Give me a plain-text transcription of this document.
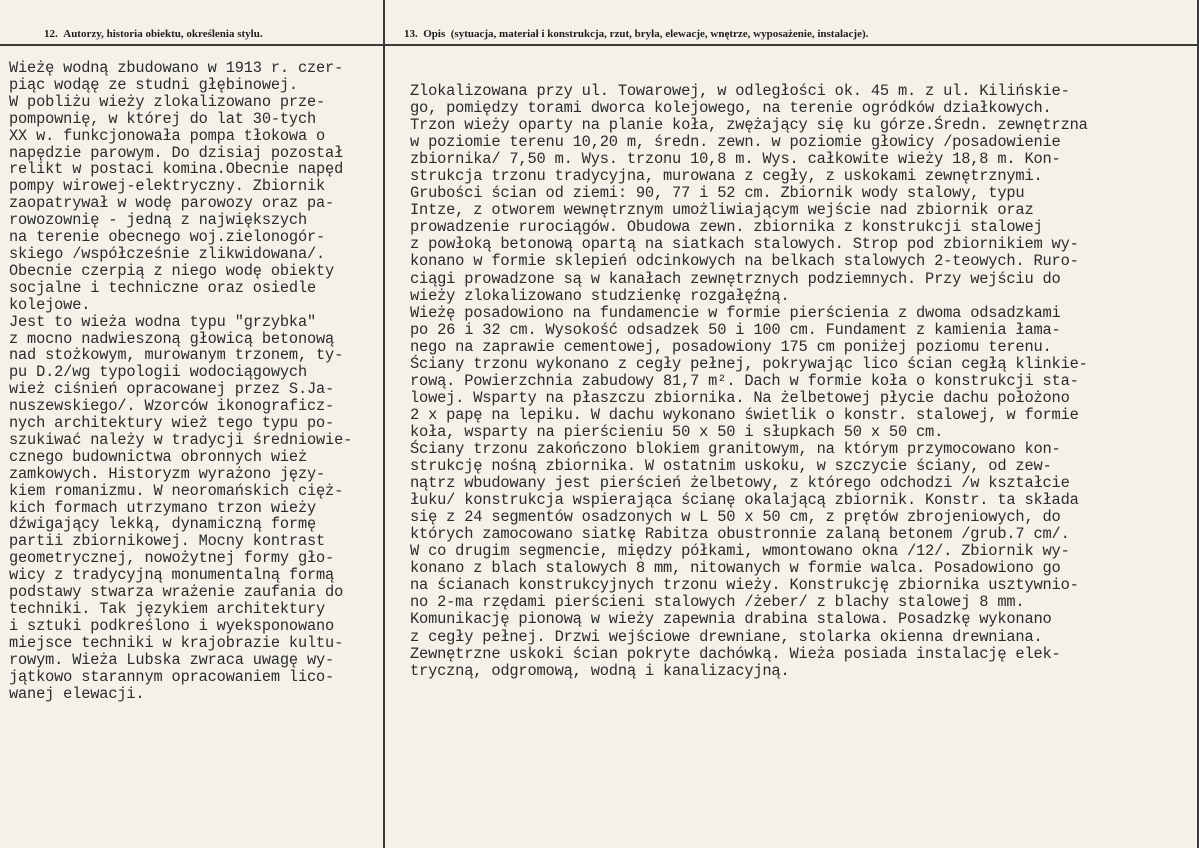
12. Autorzy, historia obiektu, określenia stylu.
Wieżę wodną zbudowano w 1913 r. czer-
piąc wodąę ze studni głębinowej.
W pobliżu wieży zlokalizowano prze-
pompownię, w której do lat 30-tych
XX w. funkcjonowała pompa tłokowa o
napędzie parowym. Do dzisiaj pozostał
relikt w postaci komina.Obecnie napęd
pompy wirowej-elektryczny. Zbiornik
zaopatrywał w wodę parowozy oraz pa-
rowozownię - jedną z największych
na terenie obecnego woj.zielonogór-
skiego /współcześnie zlikwidowana/.
Obecnie czerpią z niego wodę obiekty
socjalne i techniczne oraz osiedle
kolejowe.
Jest to wieża wodna typu "grzybka"
z mocno nadwieszoną głowicą betonową
nad stożkowym, murowanym trzonem, ty-
pu D.2/wg typologii wodociągowych
wież ciśnień opracowanej przez S.Ja-
nuszewskiego/. Wzorców ikonograficz-
nych architektury wież tego typu po-
szukiwać należy w tradycji średniowie-
cznego budownictwa obronnych wież
zamkowych. Historyzm wyrażono języ-
kiem romanizmu. W neoromańskich cięż-
kich formach utrzymano trzon wieży
dźwigający lekką, dynamiczną formę
partii zbiornikowej. Mocny kontrast
geometrycznej, nowożytnej formy gło-
wicy z tradycyjną monumentalną formą
podstawy stwarza wrażenie zaufania do
techniki. Tak językiem architektury
i sztuki podkreślono i wyeksponowano
miejsce techniki w krajobrazie kultu-
rowym. Wieża Lubska zwraca uwagę wy-
jątkowo starannym opracowaniem lico-
wanej elewacji.
13. Opis (sytuacja, materiał i konstrukcja, rzut, bryła, elewacje, wnętrze, wyposażenie, instalacje).
Zlokalizowana przy ul. Towarowej, w odległości ok. 45 m. z ul. Kilińskie-
go, pomiędzy torami dworca kolejowego, na terenie ogródków działkowych.
Trzon wieży oparty na planie koła, zwężający się ku górze.Średn. zewnętrzna
w poziomie terenu 10,20 m, średn. zewn. w poziomie głowicy /posadowienie
zbiornika/ 7,50 m. Wys. trzonu 10,8 m. Wys. całkowite wieży 18,8 m. Kon-
strukcja trzonu tradycyjna, murowana z cegły, z uskokami zewnętrznymi.
Grubości ścian od ziemi: 90, 77 i 52 cm. Zbiornik wody stalowy, typu
Intze, z otworem wewnętrznym umożliwiającym wejście nad zbiornik oraz
prowadzenie rurociągów. Obudowa zewn. zbiornika z konstrukcji stalowej
z powłoką betonową opartą na siatkach stalowych. Strop pod zbiornikiem wy-
konano w formie sklepień odcinkowych na belkach stalowych 2-teowych. Ruro-
ciągi prowadzone są w kanałach zewnętrznych podziemnych. Przy wejściu do
wieży zlokalizowano studzienkę rozgałęźną.
Wieżę posadowiono na fundamencie w formie pierścienia z dwoma odsadzkami
po 26 i 32 cm. Wysokość odsadzek 50 i 100 cm. Fundament z kamienia łama-
nego na zaprawie cementowej, posadowiony 175 cm poniżej poziomu terenu.
Ściany trzonu wykonano z cegły pełnej, pokrywając lico ścian cegłą klinkie-
rową. Powierzchnia zabudowy 81,7 m². Dach w formie koła o konstrukcji sta-
lowej. Wsparty na płaszczu zbiornika. Na żelbetowej płycie dachu położono
2 x papę na lepiku. W dachu wykonano świetlik o konstr. stalowej, w formie
koła, wsparty na pierścieniu 50 x 50 i słupkach 50 x 50 cm.
Ściany trzonu zakończono blokiem granitowym, na którym przymocowano kon-
strukcję nośną zbiornika. W ostatnim uskoku, w szczycie ściany, od zew-
nątrz wbudowany jest pierścień żelbetowy, z którego odchodzi /w kształcie
łuku/ konstrukcja wspierająca ścianę okalającą zbiornik. Konstr. ta składa
się z 24 segmentów osadzonych w L 50 x 50 cm, z prętów zbrojeniowych, do
których zamocowano siatkę Rabitza obustronnie zalaną betonem /grub.7 cm/.
W co drugim segmencie, między półkami, wmontowano okna /12/. Zbiornik wy-
konano z blach stalowych 8 mm, nitowanych w formie walca. Posadowiono go
na ścianach konstrukcyjnych trzonu wieży. Konstrukcję zbiornika usztywnio-
no 2-ma rzędami pierścieni stalowych /żeber/ z blachy stalowej 8 mm.
Komunikację pionową w wieży zapewnia drabina stalowa. Posadzkę wykonano
z cegły pełnej. Drzwi wejściowe drewniane, stolarka okienna drewniana.
Zewnętrzne uskoki ścian pokryte dachówką. Wieża posiada instalację elek-
tryczną, odgromową, wodną i kanalizacyjną.
